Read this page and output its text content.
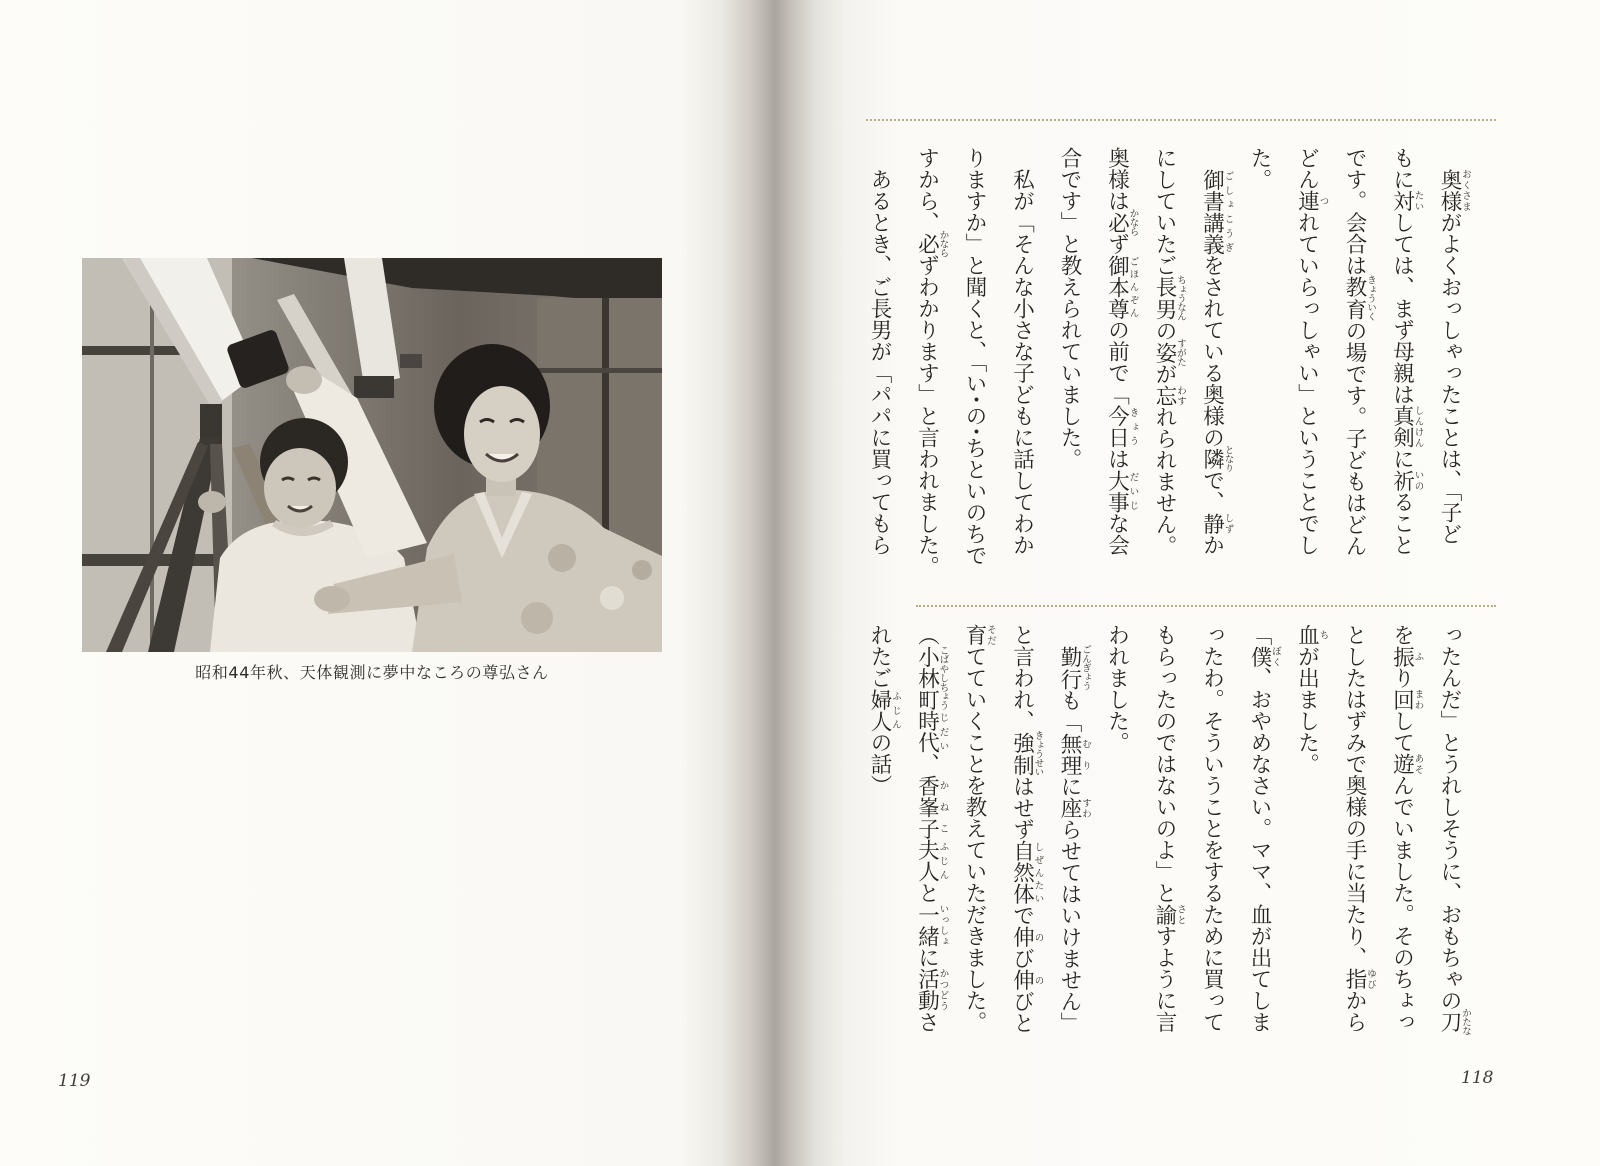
昭和44年秋、天体観測に夢中なころの尊弘さん
119
　奥様おくさまがよくおっしゃったことは、「子ど
もに対たいしては、まず母親は真剣しんけんに祈いのること
です。会合は教育きょういくの場です。子どもはどん
どん連つれていらっしゃい」ということでし
た。
　御書講義ごしょこうぎをされている奥様の隣となりで、静しずか
にしていたご長男ちょうなんの姿すがたが忘わすれられません。
奥様は必かならず御本尊ごほんぞんの前で「今日きょうは大事だいじな会
合です」と教えられていました。
　私が「そんな小さな子どもに話してわか
りますか」と聞くと、「い・の・ちといのちで
すから、必かならずわかります」と言われました。
　あるとき、ご長男が「パパに買ってもら
ったんだ」とうれしそうに、おもちゃの刀かたな
を振ふり回まわして遊あそんでいました。そのちょっ
としたはずみで奥様の手に当たり、指ゆびから
血ちが出ました。
「僕ぼく、おやめなさい。ママ、血が出てしま
ったわ。そういうことをするために買って
もらったのではないのよ」と諭さとすように言
われました。
　勤行ごんぎょうも「無理むりに座すわらせてはいけません」
と言われ、強制きょうせいはせず自然体しぜんたいで伸のび伸のびと
育そだてていくことを教えていただきました。
（小林町こばやしちょう時代じだい、香峯子かねこ夫人ふじんと一緒いっしょに活動かつどうさ
れたご婦人ふじんの話）
118
